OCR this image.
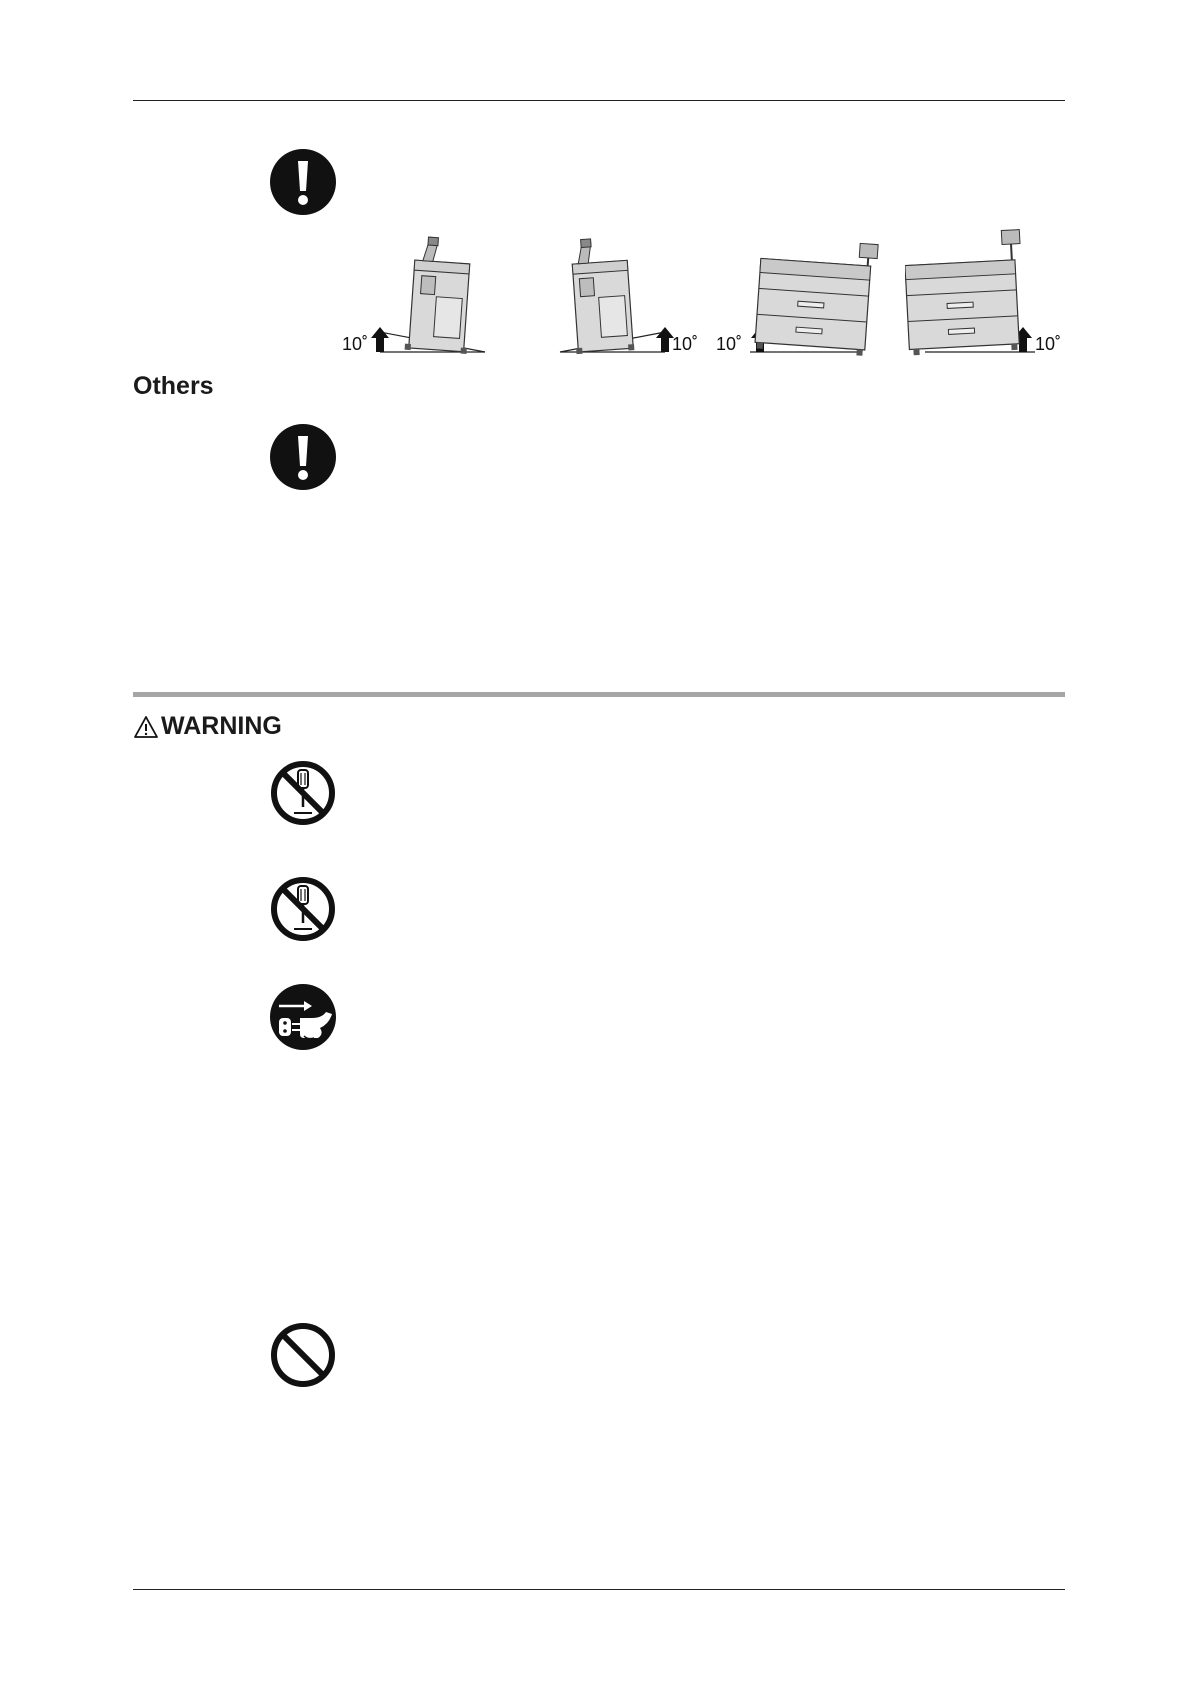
10˚	10˚ 10˚	10˚
Others
WARNING
